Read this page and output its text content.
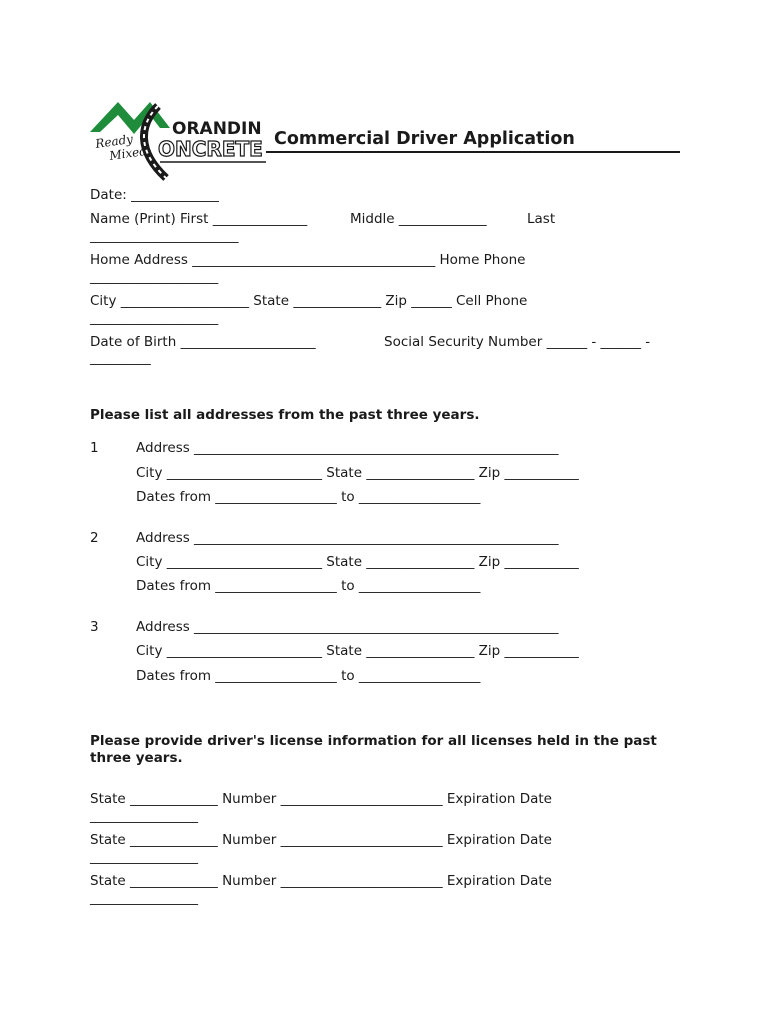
ORANDIN
Ready
Mixed ONCRETE Commercial Driver Application
Date: _____________
Name (Print) First ______________	Middle _____________	Last
______________________
Home Address ____________________________________ Home Phone
___________________
City ___________________ State _____________ Zip ______ Cell Phone
___________________
Date of Birth ____________________	Social Security Number ______ - ______ -
_________
Please list all addresses from the past three years.
1	Address ______________________________________________________
City _______________________ State ________________ Zip ___________
Dates from __________________ to __________________
2	Address ______________________________________________________
City _______________________ State ________________ Zip ___________
Dates from __________________ to __________________
3	Address ______________________________________________________
City _______________________ State ________________ Zip ___________
Dates from __________________ to __________________
Please provide driver's license information for all licenses held in the past
three years.
State _____________ Number ________________________ Expiration Date
________________
State _____________ Number ________________________ Expiration Date
________________
State _____________ Number ________________________ Expiration Date
________________
